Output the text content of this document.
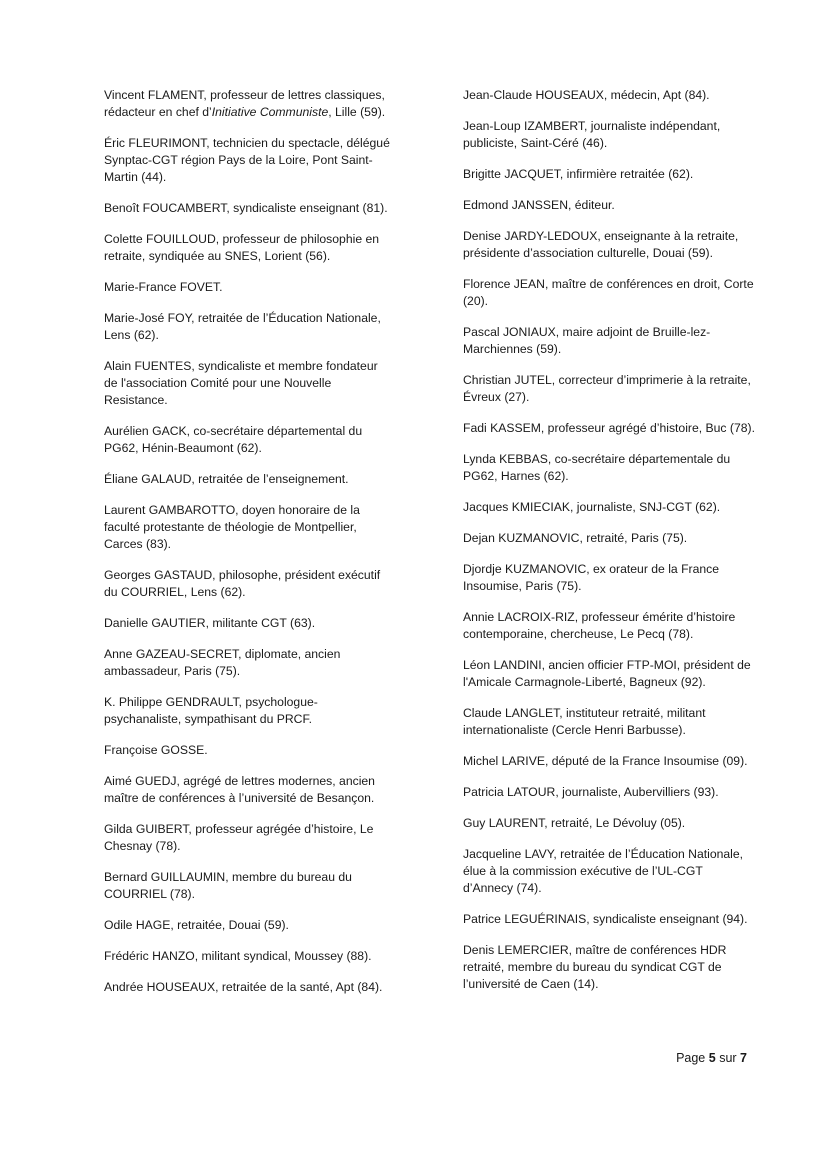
Vincent FLAMENT, professeur de lettres classiques, rédacteur en chef d’Initiative Communiste, Lille (59).

Éric FLEURIMONT, technicien du spectacle, délégué Synptac-CGT région Pays de la Loire, Pont Saint-Martin (44).

Benoît FOUCAMBERT, syndicaliste enseignant (81).

Colette FOUILLOUD, professeur de philosophie en retraite, syndiquée au SNES, Lorient (56).

Marie-France FOVET.

Marie-José FOY, retraitée de l’Éducation Nationale, Lens (62).

Alain FUENTES, syndicaliste et membre fondateur de l'association Comité pour une Nouvelle Resistance.

Aurélien GACK, co-secrétaire départemental du PG62, Hénin-Beaumont (62).

Éliane GALAUD, retraitée de l’enseignement.

Laurent GAMBAROTTO, doyen honoraire de la faculté protestante de théologie de Montpellier, Carces (83).

Georges GASTAUD, philosophe, président exécutif du COURRIEL, Lens (62).

Danielle GAUTIER, militante CGT (63).

Anne GAZEAU-SECRET, diplomate, ancien ambassadeur, Paris (75).

K. Philippe GENDRAULT, psychologue-psychanaliste, sympathisant du PRCF.

Françoise GOSSE.

Aimé GUEDJ, agrégé de lettres modernes, ancien maître de conférences à l’université de Besançon.

Gilda GUIBERT, professeur agrégée d’histoire, Le Chesnay (78).

Bernard GUILLAUMIN, membre du bureau du COURRIEL (78).

Odile HAGE, retraitée, Douai (59).

Frédéric HANZO, militant syndical, Moussey (88).

Andrée HOUSEAUX, retraitée de la santé, Apt (84).

Jean-Claude HOUSEAUX, médecin, Apt (84).

Jean-Loup IZAMBERT, journaliste indépendant, publiciste, Saint-Céré (46).

Brigitte JACQUET, infirmière retraitée (62).

Edmond JANSSEN, éditeur.

Denise JARDY-LEDOUX, enseignante à la retraite, présidente d’association culturelle, Douai (59).

Florence JEAN, maître de conférences en droit, Corte (20).

Pascal JONIAUX, maire adjoint de Bruille-lez-Marchiennes (59).

Christian JUTEL, correcteur d’imprimerie à la retraite, Évreux (27).

Fadi KASSEM, professeur agrégé d’histoire, Buc (78).

Lynda KEBBAS, co-secrétaire départementale du PG62, Harnes (62).

Jacques KMIECIAK, journaliste, SNJ-CGT (62).

Dejan KUZMANOVIC, retraité, Paris (75).

Djordje KUZMANOVIC, ex orateur de la France Insoumise, Paris (75).

Annie LACROIX-RIZ, professeur émérite d’histoire contemporaine, chercheuse, Le Pecq (78).

Léon LANDINI, ancien officier FTP-MOI, président de l'Amicale Carmagnole-Liberté, Bagneux (92).

Claude LANGLET, instituteur retraité, militant internationaliste (Cercle Henri Barbusse).

Michel LARIVE, député de la France Insoumise (09).

Patricia LATOUR, journaliste, Aubervilliers (93).

Guy LAURENT, retraité, Le Dévoluy (05).

Jacqueline LAVY, retraitée de l’Éducation Nationale, élue à la commission exécutive de l’UL-CGT d’Annecy (74).

Patrice LEGUÉRINAIS, syndicaliste enseignant (94).

Denis LEMERCIER, maître de conférences HDR retraité, membre du bureau du syndicat CGT de l’université de Caen (14).

Page 5 sur 7
